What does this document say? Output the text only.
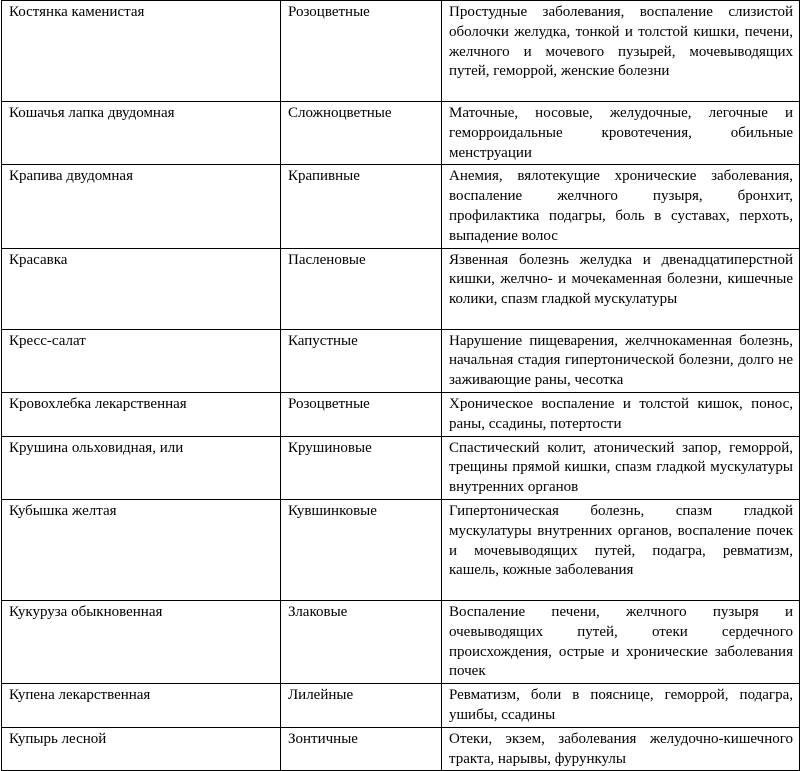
Костянка каменистая	Розоцветные	Простудные заболевания, воспаление слизистой оболочки желудка, тонкой и толстой кишки, печени, желчного и мочевого пузырей, мочевыводящих путей, геморрой, женские болезни
Кошачья лапка двудомная	Сложноцветные	Маточные, носовые, желудочные, легочные и геморроидальные кровотечения, обильные менструации
Крапива двудомная	Крапивные	Анемия, вялотекущие хронические заболевания, воспаление желчного пузыря, бронхит, профилактика подагры, боль в суставах, перхоть, выпадение волос
Красавка	Пасленовые	Язвенная болезнь желудка и двенадцатиперстной кишки, желчно- и мочекаменная болезни, кишечные колики, спазм гладкой мускулатуры
Кресс-салат	Капустные	Нарушение пищеварения, желчнокаменная болезнь, начальная стадия гипертонической болезни, долго не заживающие раны, чесотка
Кровохлебка лекарственная	Розоцветные	Хроническое воспаление и толстой кишок, понос, раны, ссадины, потертости
Крушина ольховидная, или	Крушиновые	Спастический колит, атонический запор, геморрой, трещины прямой кишки, спазм гладкой мускулатуры внутренних органов
Кубышка желтая	Кувшинковые	Гипертоническая болезнь, спазм гладкой мускулатуры внутренних органов, воспаление почек и мочевыводящих путей, подагра, ревматизм, кашель, кожные заболевания
Кукуруза обыкновенная	Злаковые	Воспаление печени, желчного пузыря и очевыводящих путей, отеки сердечного происхождения, острые и хронические заболевания почек
Купена лекарственная	Лилейные	Ревматизм, боли в пояснице, геморрой, подагра, ушибы, ссадины
Купырь лесной	Зонтичные	Отеки, экзем, заболевания желудочно-кишечного тракта, нарывы, фурункулы
